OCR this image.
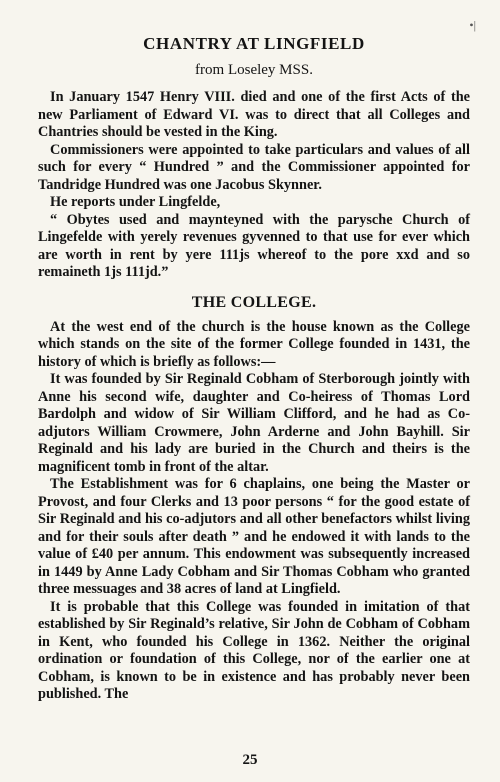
•|
CHANTRY AT LINGFIELD
from Loseley MSS.

In January 1547 Henry VIII. died and one of the first Acts of the new Parliament of Edward VI. was to direct that all Colleges and Chantries should be vested in the King.

Commissioners were appointed to take particulars and values of all such for every “ Hundred ” and the Commissioner appointed for Tandridge Hundred was one Jacobus Skynner.

He reports under Lingfelde,

“ Obytes used and maynteyned with the parysche Church of Lingefelde with yerely revenues gyvenned to that use for ever which are worth in rent by yere 111js whereof to the pore xxd and so remaineth 1js 111jd.”

THE COLLEGE.

At the west end of the church is the house known as the College which stands on the site of the former College founded in 1431, the history of which is briefly as follows:—

It was founded by Sir Reginald Cobham of Sterborough jointly with Anne his second wife, daughter and Co-heiress of Thomas Lord Bardolph and widow of Sir William Clifford, and he had as Co-adjutors William Crowmere, John Arderne and John Bayhill. Sir Reginald and his lady are buried in the Church and theirs is the magnificent tomb in front of the altar.

The Establishment was for 6 chaplains, one being the Master or Provost, and four Clerks and 13 poor persons “ for the good estate of Sir Reginald and his co-adjutors and all other benefactors whilst living and for their souls after death ” and he endowed it with lands to the value of £40 per annum. This endowment was subsequently increased in 1449 by Anne Lady Cobham and Sir Thomas Cobham who granted three messuages and 38 acres of land at Lingfield.

It is probable that this College was founded in imitation of that established by Sir Reginald’s relative, Sir John de Cobham of Cobham in Kent, who founded his College in 1362. Neither the original ordination or foundation of this College, nor of the earlier one at Cobham, is known to be in existence and has probably never been published. The

25
